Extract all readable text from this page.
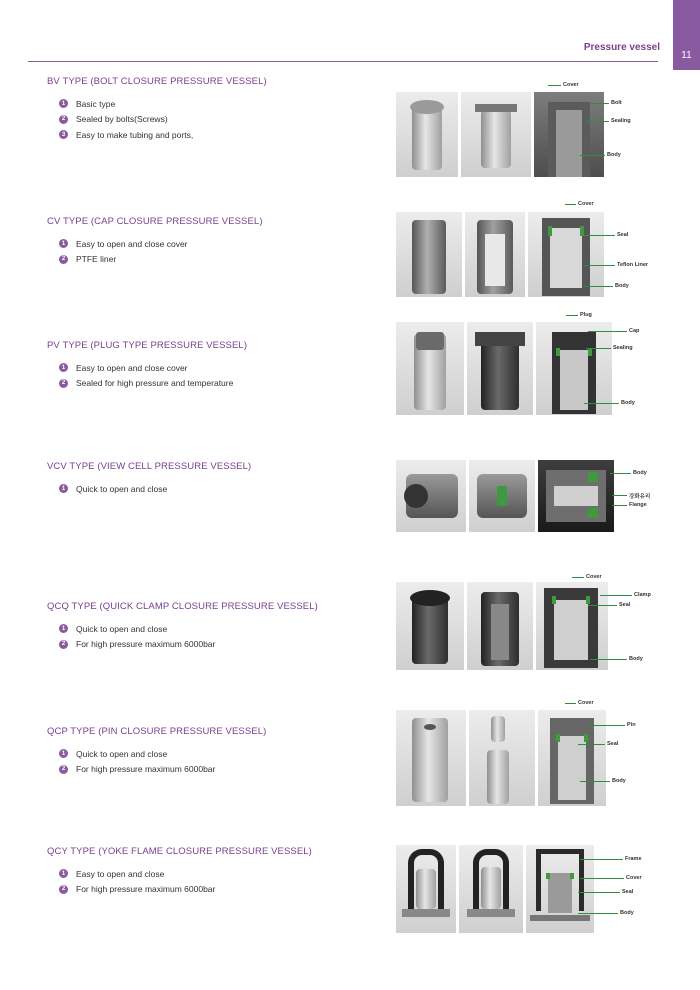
11
Pressure vessel
BV TYPE (BOLT CLOSURE PRESSURE VESSEL)
1	Basic type
2	Sealed by bolts(Screws)
3	Easy to make tubing and ports,
Cover
Bolt
Sealing
Body
CV TYPE (CAP CLOSURE PRESSURE VESSEL)
1	Easy to open and close cover
2	PTFE liner
Cover
Seal
Teflon Liner
Body
PV TYPE (PLUG TYPE PRESSURE VESSEL)
1	Easy to open and close cover
2	Sealed for high pressure and temperature
Plug
Cap
Sealing
Body
VCV TYPE (VIEW CELL PRESSURE VESSEL)
1	Quick to open and close
Body
강화유리
Flange
QCQ TYPE (QUICK CLAMP CLOSURE PRESSURE VESSEL)
1	Quick to open and close
2	For high pressure maximum 6000bar
Cover
Clamp
Seal
Body
QCP TYPE (PIN CLOSURE PRESSURE VESSEL)
1	Quick to open and close
2	For high pressure maximum 6000bar
Cover
Pin
Seal
Body
QCY TYPE (YOKE FLAME CLOSURE PRESSURE VESSEL)
1	Easy to open and close
2	For high pressure maximum 6000bar
Frame
Cover
Seal
Body
